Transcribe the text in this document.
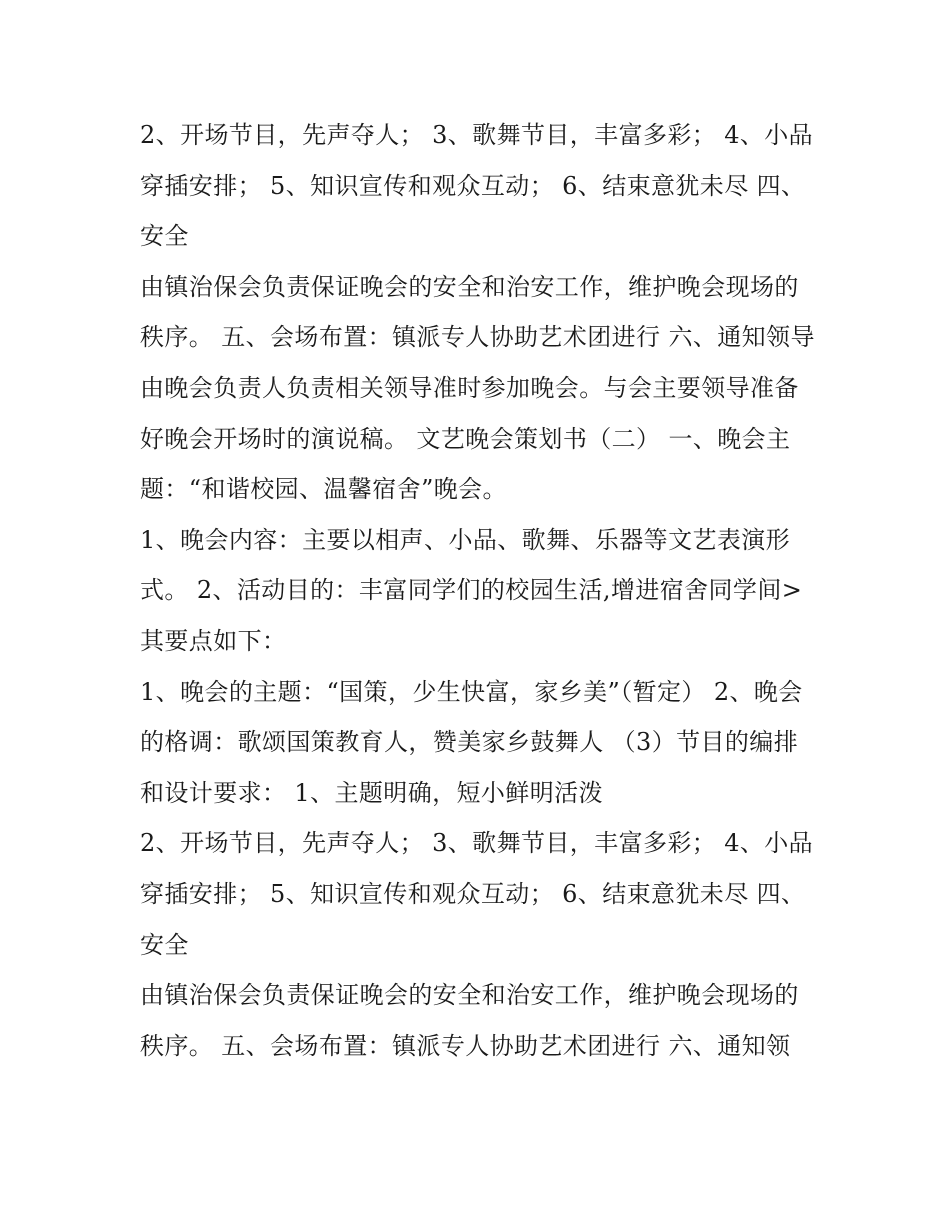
2、开场节目，先声夺人； 3、歌舞节目，丰富多彩； 4、小品穿插安排； 5、知识宣传和观众互动； 6、结束意犹未尽 四、安全

由镇治保会负责保证晚会的安全和治安工作，维护晚会现场的秩序。 五、会场布置：镇派专人协助艺术团进行 六、通知领导

由晚会负责人负责相关领导准时参加晚会。与会主要领导准备好晚会开场时的演说稿。 文艺晚会策划书（二） 一、晚会主题：“和谐校园、温馨宿舍”晚会。

1、晚会内容：主要以相声、小品、歌舞、乐器等文艺表演形式。 2、活动目的：丰富同学们的校园生活,增进宿舍同学间>其要点如下：

1、晚会的主题：“国策，少生快富，家乡美”（暂定） 2、晚会的格调：歌颂国策教育人，赞美家乡鼓舞人 （3）节目的编排和设计要求： 1、主题明确，短小鲜明活泼

2、开场节目，先声夺人； 3、歌舞节目，丰富多彩； 4、小品穿插安排； 5、知识宣传和观众互动； 6、结束意犹未尽 四、安全

由镇治保会负责保证晚会的安全和治安工作，维护晚会现场的秩序。 五、会场布置：镇派专人协助艺术团进行 六、通知领
